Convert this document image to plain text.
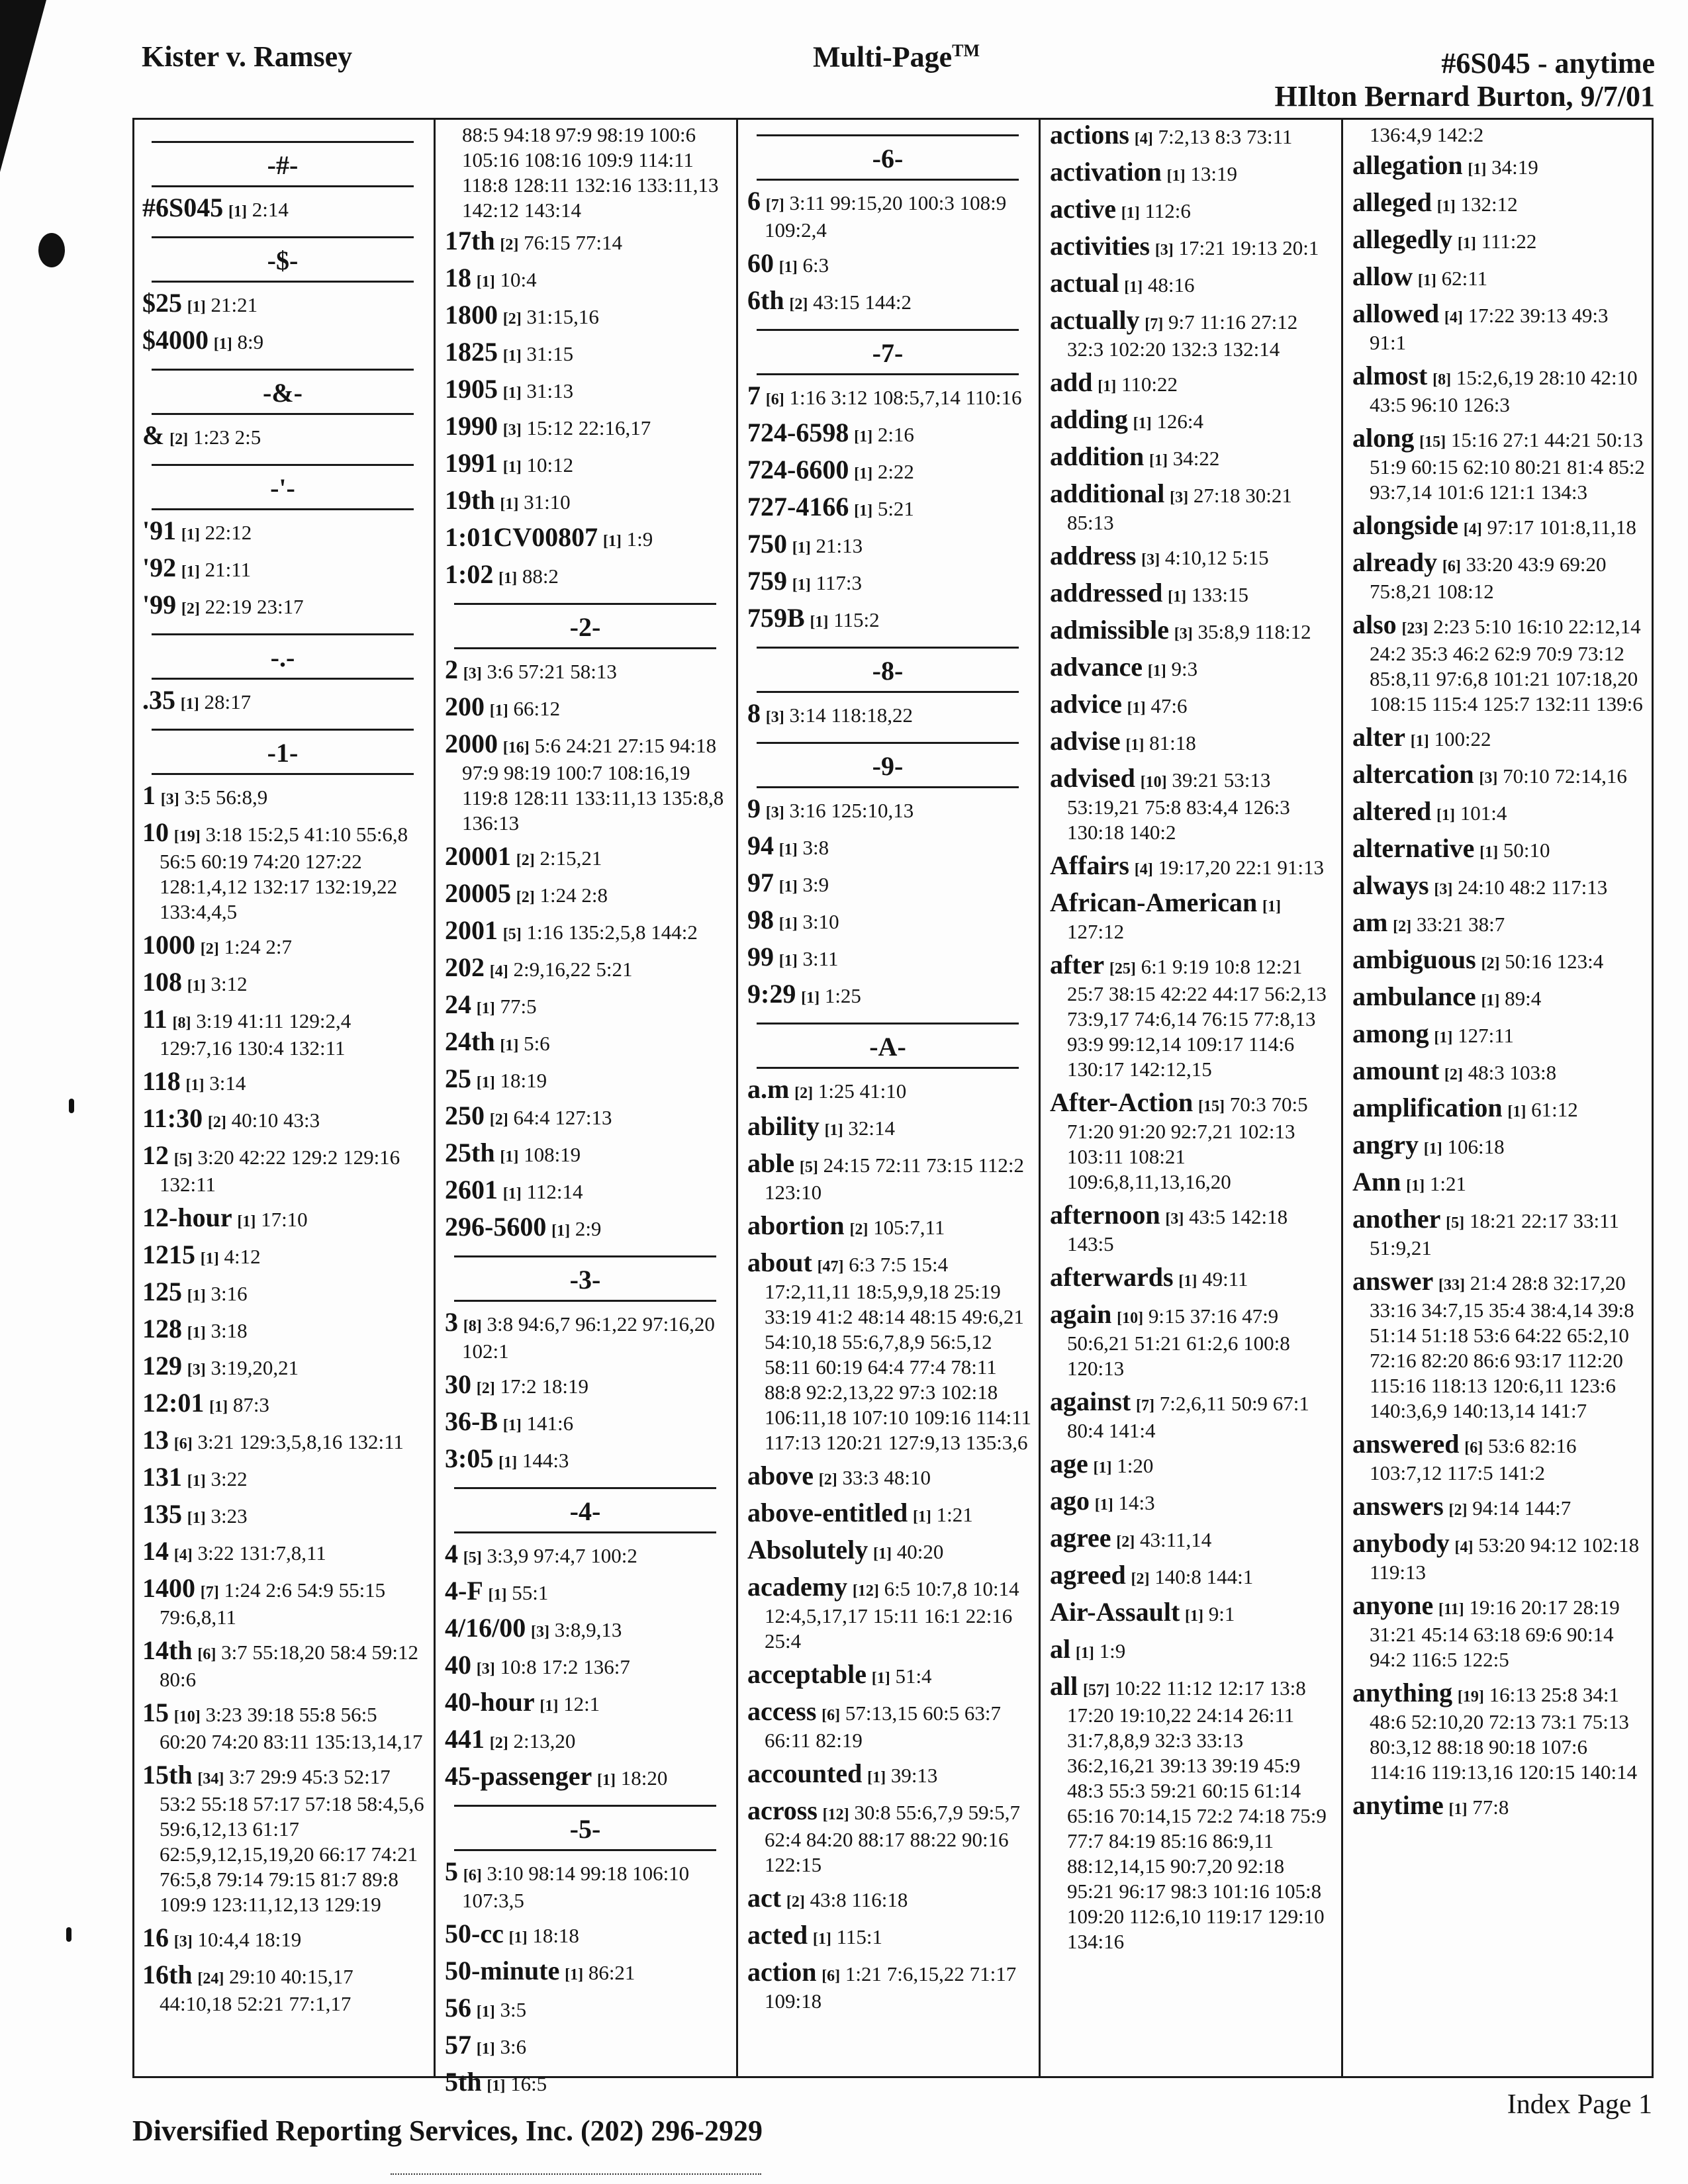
Kister v. Ramsey	Multi-Page™	#6S045 - anytime
HIlton Bernard Burton, 9/7/01
-#-
#6S045 [1] 2:14
-$-
$25 [1] 21:21
$4000 [1] 8:9
-&-
& [2] 1:23 2:5
-'-
'91 [1] 22:12
'92 [1] 21:11
'99 [2] 22:19 23:17
-.-
.35 [1] 28:17
-1-
1 [3] 3:5 56:8,9
10 [19] 3:18 15:2,5 41:10 55:6,8 56:5 60:19 74:20 127:22 128:1,4,12 132:17 132:19,22 133:4,4,5
1000 [2] 1:24 2:7
108 [1] 3:12
11 [8] 3:19 41:11 129:2,4 129:7,16 130:4 132:11
118 [1] 3:14
11:30 [2] 40:10 43:3
12 [5] 3:20 42:22 129:2 129:16 132:11
12-hour [1] 17:10
1215 [1] 4:12
125 [1] 3:16
128 [1] 3:18
129 [3] 3:19,20,21
12:01 [1] 87:3
13 [6] 3:21 129:3,5,8,16 132:11
131 [1] 3:22
135 [1] 3:23
14 [4] 3:22 131:7,8,11
1400 [7] 1:24 2:6 54:9 55:15 79:6,8,11
14th [6] 3:7 55:18,20 58:4 59:12 80:6
15 [10] 3:23 39:18 55:8 56:5 60:20 74:20 83:11 135:13,14,17
15th [34] 3:7 29:9 45:3 52:17 53:2 55:18 57:17 57:18 58:4,5,6 59:6,12,13 61:17 62:5,9,12,15,19,20 66:17 74:21 76:5,8 79:14 79:15 81:7 89:8 109:9 123:11,12,13 129:19
16 [3] 10:4,4 18:19
16th [24] 29:10 40:15,17 44:10,18 52:21 77:1,17
88:5 94:18 97:9 98:19 100:6 105:16 108:16 109:9 114:11 118:8 128:11 132:16 133:11,13 142:12 143:14
17th [2] 76:15 77:14
18 [1] 10:4
1800 [2] 31:15,16
1825 [1] 31:15
1905 [1] 31:13
1990 [3] 15:12 22:16,17
1991 [1] 10:12
19th [1] 31:10
1:01CV00807 [1] 1:9
1:02 [1] 88:2
-2-
2 [3] 3:6 57:21 58:13
200 [1] 66:12
2000 [16] 5:6 24:21 27:15 94:18 97:9 98:19 100:7 108:16,19 119:8 128:11 133:11,13 135:8,8 136:13
20001 [2] 2:15,21
20005 [2] 1:24 2:8
2001 [5] 1:16 135:2,5,8 144:2
202 [4] 2:9,16,22 5:21
24 [1] 77:5
24th [1] 5:6
25 [1] 18:19
250 [2] 64:4 127:13
25th [1] 108:19
2601 [1] 112:14
296-5600 [1] 2:9
-3-
3 [8] 3:8 94:6,7 96:1,22 97:16,20 102:1
30 [2] 17:2 18:19
36-B [1] 141:6
3:05 [1] 144:3
-4-
4 [5] 3:3,9 97:4,7 100:2
4-F [1] 55:1
4/16/00 [3] 3:8,9,13
40 [3] 10:8 17:2 136:7
40-hour [1] 12:1
441 [2] 2:13,20
45-passenger [1] 18:20
-5-
5 [6] 3:10 98:14 99:18 106:10 107:3,5
50-cc [1] 18:18
50-minute [1] 86:21
56 [1] 3:5
57 [1] 3:6
5th [1] 16:5
-6-
6 [7] 3:11 99:15,20 100:3 108:9 109:2,4
60 [1] 6:3
6th [2] 43:15 144:2
-7-
7 [6] 1:16 3:12 108:5,7,14 110:16
724-6598 [1] 2:16
724-6600 [1] 2:22
727-4166 [1] 5:21
750 [1] 21:13
759 [1] 117:3
759B [1] 115:2
-8-
8 [3] 3:14 118:18,22
-9-
9 [3] 3:16 125:10,13
94 [1] 3:8
97 [1] 3:9
98 [1] 3:10
99 [1] 3:11
9:29 [1] 1:25
-A-
a.m [2] 1:25 41:10
ability [1] 32:14
able [5] 24:15 72:11 73:15 112:2 123:10
abortion [2] 105:7,11
about [47] 6:3 7:5 15:4 17:2,11,11 18:5,9,9,18 25:19 33:19 41:2 48:14 48:15 49:6,21 54:10,18 55:6,7,8,9 56:5,12 58:11 60:19 64:4 77:4 78:11 88:8 92:2,13,22 97:3 102:18 106:11,18 107:10 109:16 114:11 117:13 120:21 127:9,13 135:3,6
above [2] 33:3 48:10
above-entitled [1] 1:21
Absolutely [1] 40:20
academy [12] 6:5 10:7,8 10:14 12:4,5,17,17 15:11 16:1 22:16 25:4
acceptable [1] 51:4
access [6] 57:13,15 60:5 63:7 66:11 82:19
accounted [1] 39:13
across [12] 30:8 55:6,7,9 59:5,7 62:4 84:20 88:17 88:22 90:16 122:15
act [2] 43:8 116:18
acted [1] 115:1
action [6] 1:21 7:6,15,22 71:17 109:18
actions [4] 7:2,13 8:3 73:11
activation [1] 13:19
active [1] 112:6
activities [3] 17:21 19:13 20:1
actual [1] 48:16
actually [7] 9:7 11:16 27:12 32:3 102:20 132:3 132:14
add [1] 110:22
adding [1] 126:4
addition [1] 34:22
additional [3] 27:18 30:21 85:13
address [3] 4:10,12 5:15
addressed [1] 133:15
admissible [3] 35:8,9 118:12
advance [1] 9:3
advice [1] 47:6
advise [1] 81:18
advised [10] 39:21 53:13 53:19,21 75:8 83:4,4 126:3 130:18 140:2
Affairs [4] 19:17,20 22:1 91:13
African-American [1] 127:12
after [25] 6:1 9:19 10:8 12:21 25:7 38:15 42:22 44:17 56:2,13 73:9,17 74:6,14 76:15 77:8,13 93:9 99:12,14 109:17 114:6 130:17 142:12,15
After-Action [15] 70:3 70:5 71:20 91:20 92:7,21 102:13 103:11 108:21 109:6,8,11,13,16,20
afternoon [3] 43:5 142:18 143:5
afterwards [1] 49:11
again [10] 9:15 37:16 47:9 50:6,21 51:21 61:2,6 100:8 120:13
against [7] 7:2,6,11 50:9 67:1 80:4 141:4
age [1] 1:20
ago [1] 14:3
agree [2] 43:11,14
agreed [2] 140:8 144:1
Air-Assault [1] 9:1
al [1] 1:9
all [57] 10:22 11:12 12:17 13:8 17:20 19:10,22 24:14 26:11 31:7,8,8,9 32:3 33:13 36:2,16,21 39:13 39:19 45:9 48:3 55:3 59:21 60:15 61:14 65:16 70:14,15 72:2 74:18 75:9 77:7 84:19 85:16 86:9,11 88:12,14,15 90:7,20 92:18 95:21 96:17 98:3 101:16 105:8 109:20 112:6,10 119:17 129:10 134:16
136:4,9 142:2
allegation [1] 34:19
alleged [1] 132:12
allegedly [1] 111:22
allow [1] 62:11
allowed [4] 17:22 39:13 49:3 91:1
almost [8] 15:2,6,19 28:10 42:10 43:5 96:10 126:3
along [15] 15:16 27:1 44:21 50:13 51:9 60:15 62:10 80:21 81:4 85:2 93:7,14 101:6 121:1 134:3
alongside [4] 97:17 101:8,11,18
already [6] 33:20 43:9 69:20 75:8,21 108:12
also [23] 2:23 5:10 16:10 22:12,14 24:2 35:3 46:2 62:9 70:9 73:12 85:8,11 97:6,8 101:21 107:18,20 108:15 115:4 125:7 132:11 139:6
alter [1] 100:22
altercation [3] 70:10 72:14,16
altered [1] 101:4
alternative [1] 50:10
always [3] 24:10 48:2 117:13
am [2] 33:21 38:7
ambiguous [2] 50:16 123:4
ambulance [1] 89:4
among [1] 127:11
amount [2] 48:3 103:8
amplification [1] 61:12
angry [1] 106:18
Ann [1] 1:21
another [5] 18:21 22:17 33:11 51:9,21
answer [33] 21:4 28:8 32:17,20 33:16 34:7,15 35:4 38:4,14 39:8 51:14 51:18 53:6 64:22 65:2,10 72:16 82:20 86:6 93:17 112:20 115:16 118:13 120:6,11 123:6 140:3,6,9 140:13,14 141:7
answered [6] 53:6 82:16 103:7,12 117:5 141:2
answers [2] 94:14 144:7
anybody [4] 53:20 94:12 102:18 119:13
anyone [11] 19:16 20:17 28:19 31:21 45:14 63:18 69:6 90:14 94:2 116:5 122:5
anything [19] 16:13 25:8 34:1 48:6 52:10,20 72:13 73:1 75:13 80:3,12 88:18 90:18 107:6 114:16 119:13,16 120:15 140:14
anytime [1] 77:8
Diversified Reporting Services, Inc. (202) 296-2929
Index Page 1
